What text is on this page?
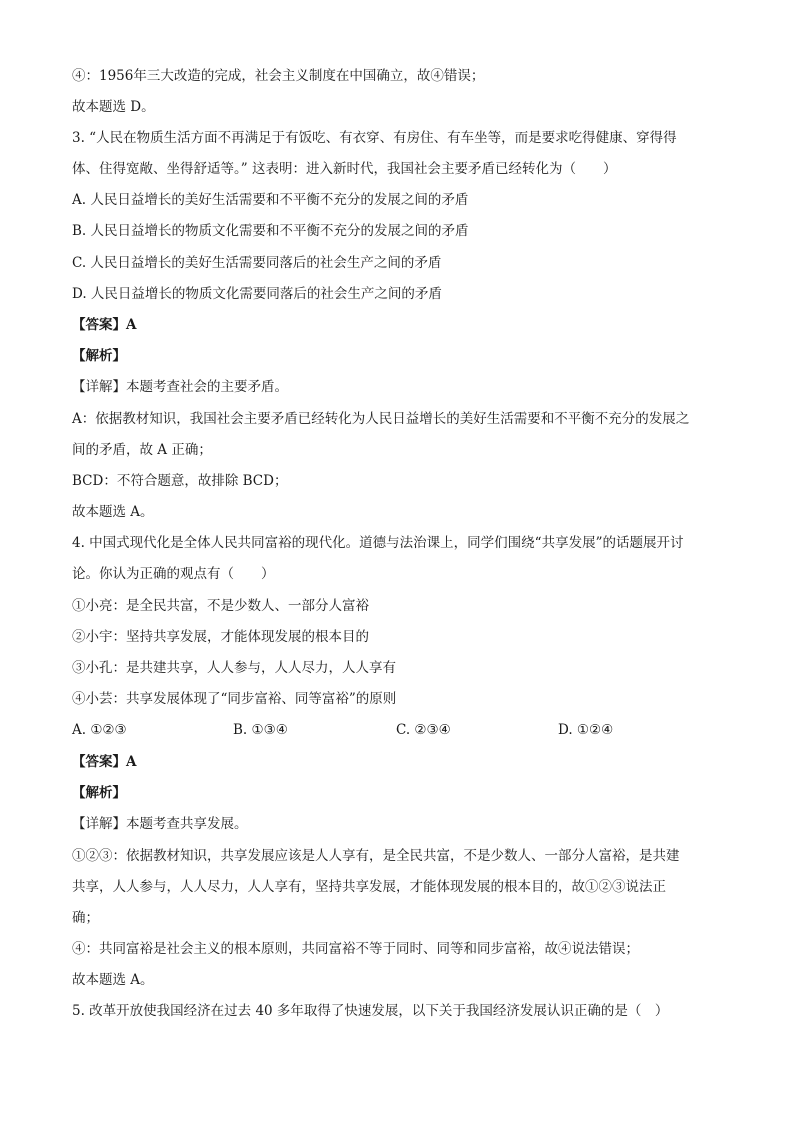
④：1956年三大改造的完成，社会主义制度在中国确立，故④错误；
故本题选 D。
3. “人民在物质生活方面不再满足于有饭吃、有衣穿、有房住、有车坐等，而是要求吃得健康、穿得得
体、住得宽敞、坐得舒适等。” 这表明：进入新时代，我国社会主要矛盾已经转化为（　　）
A. 人民日益增长的美好生活需要和不平衡不充分的发展之间的矛盾
B. 人民日益增长的物质文化需要和不平衡不充分的发展之间的矛盾
C. 人民日益增长的美好生活需要同落后的社会生产之间的矛盾
D. 人民日益增长的物质文化需要同落后的社会生产之间的矛盾
【答案】A
【解析】
【详解】本题考查社会的主要矛盾。
A：依据教材知识，我国社会主要矛盾已经转化为人民日益增长的美好生活需要和不平衡不充分的发展之
间的矛盾，故 A 正确；
BCD：不符合题意，故排除 BCD；
故本题选 A。
4. 中国式现代化是全体人民共同富裕的现代化。道德与法治课上，同学们围绕“共享发展”的话题展开讨
论。你认为正确的观点有（　　）
①小亮：是全民共富，不是少数人、一部分人富裕
②小宇：坚持共享发展，才能体现发展的根本目的
③小孔：是共建共享，人人参与，人人尽力，人人享有
④小芸：共享发展体现了“同步富裕、同等富裕”的原则
A. ①②③	B. ①③④	C. ②③④	D. ①②④
【答案】A
【解析】
【详解】本题考查共享发展。
①②③：依据教材知识，共享发展应该是人人享有，是全民共富，不是少数人、一部分人富裕，是共建
共享，人人参与，人人尽力，人人享有，坚持共享发展，才能体现发展的根本目的，故①②③说法正
确；
④：共同富裕是社会主义的根本原则，共同富裕不等于同时、同等和同步富裕，故④说法错误；
故本题选 A。
5. 改革开放使我国经济在过去 40 多年取得了快速发展，以下关于我国经济发展认识正确的是（　）
